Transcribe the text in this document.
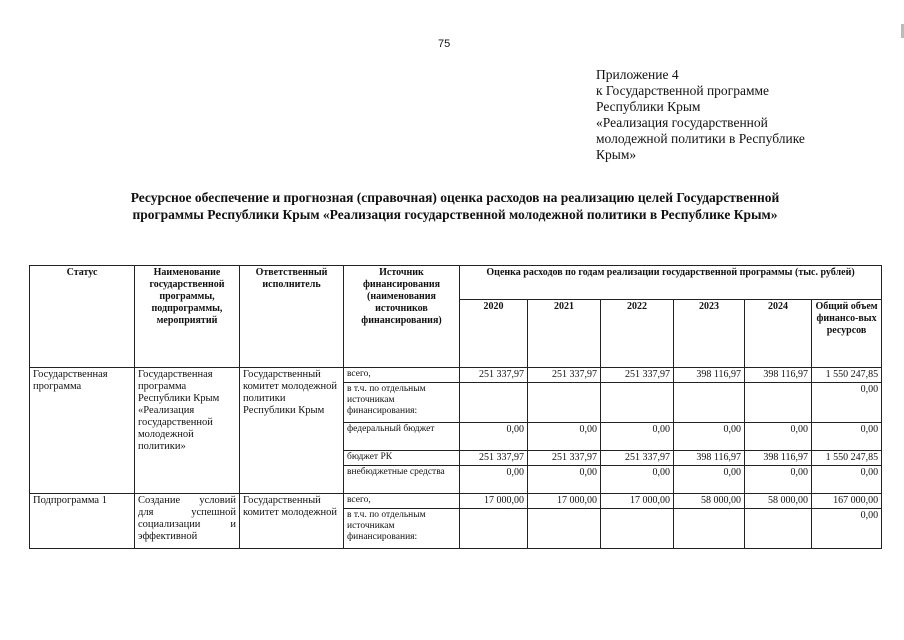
75
Приложение 4
к Государственной программе
Республики Крым
«Реализация государственной
молодежной политики в Республике
Крым»
Ресурсное обеспечение и прогнозная (справочная) оценка расходов на реализацию целей Государственной
программы Республики Крым «Реализация государственной молодежной политики в Республике Крым»
Статус	Наименование государственной программы, подпрограммы, мероприятий	Ответственный исполнитель	Источник финансирования (наименования источников финансирования)	Оценка расходов по годам реализации государственной программы (тыс. рублей)					
				2020	2021	2022	2023	2024	Общий объем финансо-вых ресурсов
Государственная программа	Государственная программа Республики Крым «Реализация государственной молодежной политики»	Государственный комитет молодежной политики Республики Крым	всего,	251 337,97	251 337,97	251 337,97	398 116,97	398 116,97	1 550 247,85
			в т.ч. по отдельным источникам финансирования:						0,00
			федеральный бюджет	0,00	0,00	0,00	0,00	0,00	0,00
			бюджет РК	251 337,97	251 337,97	251 337,97	398 116,97	398 116,97	1 550 247,85
			внебюджетные средства	0,00	0,00	0,00	0,00	0,00	0,00
Подпрограмма 1	Создание условий для успешной социализации и эффективной	Государственный комитет молодежной	всего,	17 000,00	17 000,00	17 000,00	58 000,00	58 000,00	167 000,00
			в т.ч. по отдельным источникам финансирования:						0,00
